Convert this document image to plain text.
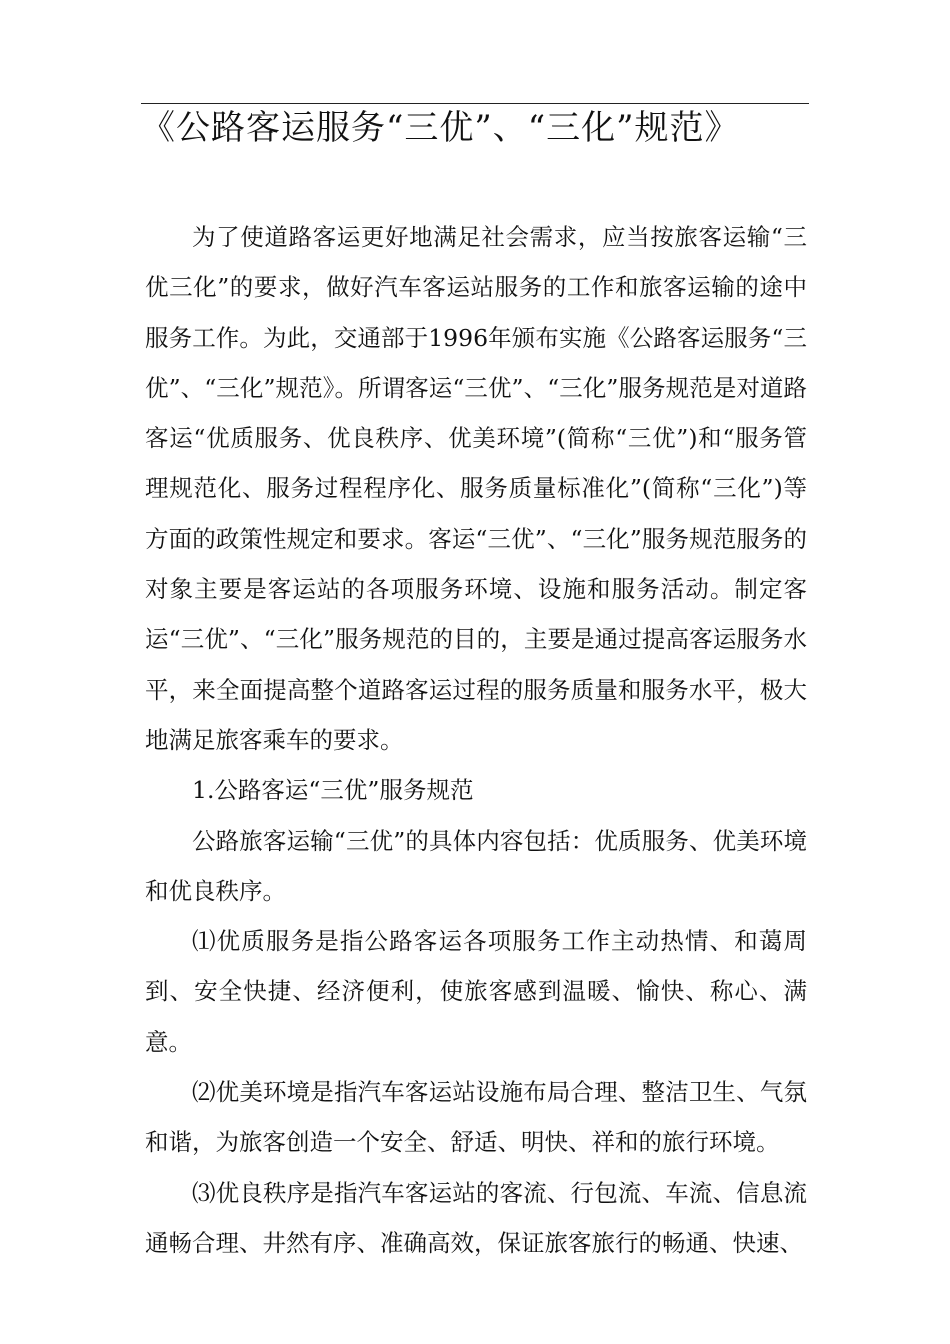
《公路客运服务“三优”、“三化”规范》

为了使道路客运更好地满足社会需求，应当按旅客运输“三优三化”的要求，做好汽车客运站服务的工作和旅客运输的途中服务工作。为此，交通部于1996年颁布实施《公路客运服务“三优”、“三化”规范》。所谓客运“三优”、“三化”服务规范是对道路客运“优质服务、优良秩序、优美环境”(简称“三优”)和“服务管理规范化、服务过程程序化、服务质量标准化”(简称“三化”)等方面的政策性规定和要求。客运“三优”、“三化”服务规范服务的对象主要是客运站的各项服务环境、设施和服务活动。制定客运“三优”、“三化”服务规范的目的，主要是通过提高客运服务水平，来全面提高整个道路客运过程的服务质量和服务水平，极大地满足旅客乘车的要求。

1.公路客运“三优”服务规范

公路旅客运输“三优”的具体内容包括：优质服务、优美环境和优良秩序。

⑴优质服务是指公路客运各项服务工作主动热情、和蔼周到、安全快捷、经济便利，使旅客感到温暖、愉快、称心、满意。

⑵优美环境是指汽车客运站设施布局合理、整洁卫生、气氛和谐，为旅客创造一个安全、舒适、明快、祥和的旅行环境。

⑶优良秩序是指汽车客运站的客流、行包流、车流、信息流通畅合理、井然有序、准确高效，保证旅客旅行的畅通、快速、
